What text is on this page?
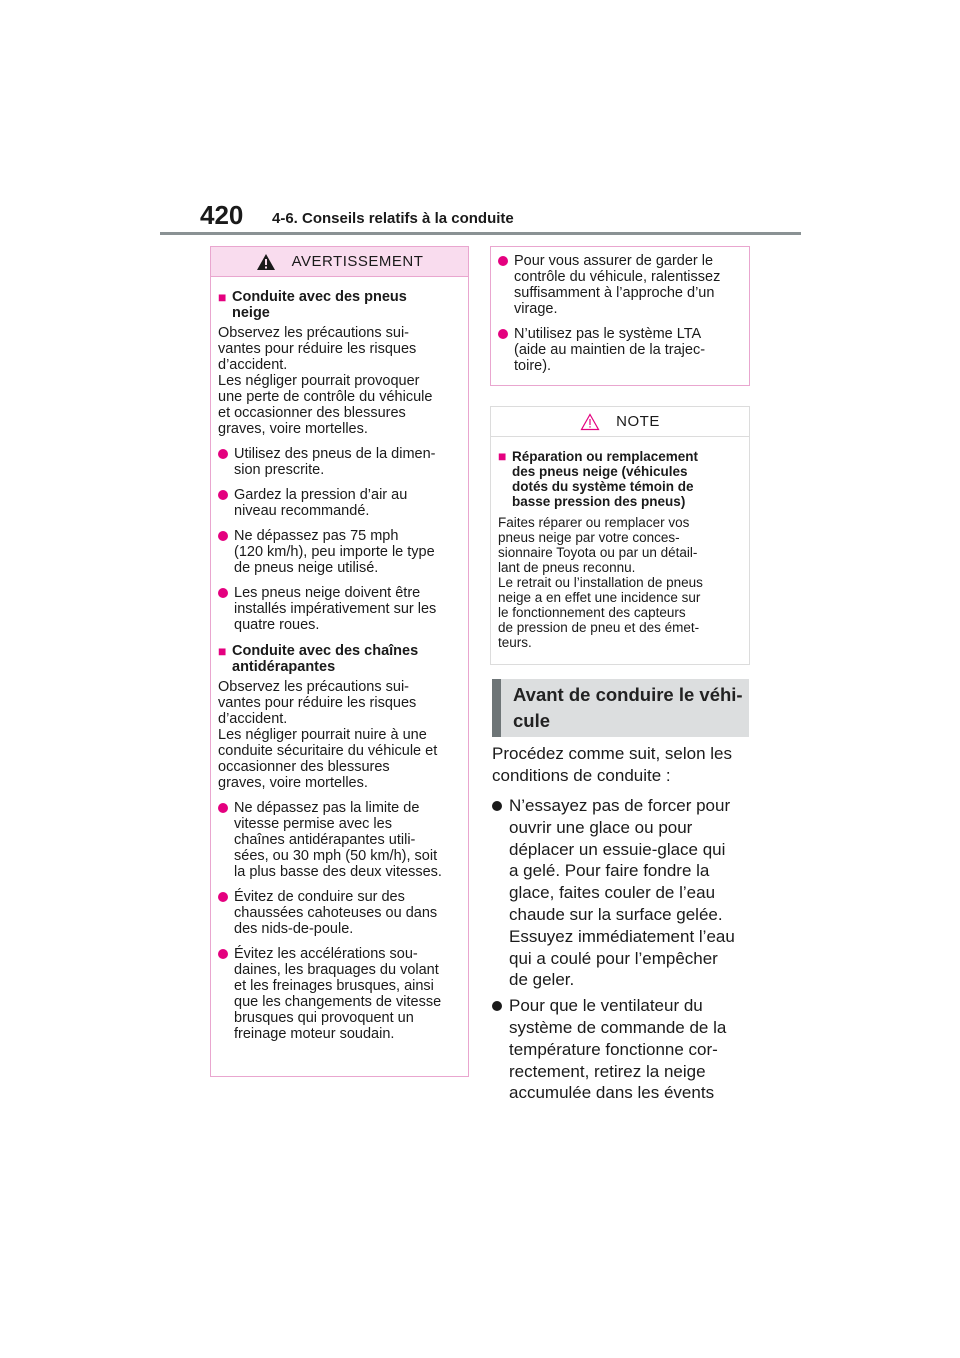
420 4-6. Conseils relatifs à la conduite
AVERTISSEMENT
■ Conduite avec des pneus
neige
Observez les précautions sui-
vantes pour réduire les risques
d’accident.
Les négliger pourrait provoquer
une perte de contrôle du véhicule
et occasionner des blessures
graves, voire mortelles.
Utilisez des pneus de la dimen-
sion prescrite.
Gardez la pression d’air au
niveau recommandé.
Ne dépassez pas 75 mph
(120 km/h), peu importe le type
de pneus neige utilisé.
Les pneus neige doivent être
installés impérativement sur les
quatre roues.
■ Conduite avec des chaînes
antidérapantes
Observez les précautions sui-
vantes pour réduire les risques
d’accident.
Les négliger pourrait nuire à une
conduite sécuritaire du véhicule et
occasionner des blessures
graves, voire mortelles.
Ne dépassez pas la limite de
vitesse permise avec les
chaînes antidérapantes utili-
sées, ou 30 mph (50 km/h), soit
la plus basse des deux vitesses.
Évitez de conduire sur des
chaussées cahoteuses ou dans
des nids-de-poule.
Évitez les accélérations sou-
daines, les braquages du volant
et les freinages brusques, ainsi
que les changements de vitesse
brusques qui provoquent un
freinage moteur soudain.
Pour vous assurer de garder le
contrôle du véhicule, ralentissez
suffisamment à l’approche d’un
virage.
N’utilisez pas le système LTA
(aide au maintien de la trajec-
toire).
NOTE
■ Réparation ou remplacement
des pneus neige (véhicules
dotés du système témoin de
basse pression des pneus)
Faites réparer ou remplacer vos
pneus neige par votre conces-
sionnaire Toyota ou par un détail-
lant de pneus reconnu.
Le retrait ou l’installation de pneus
neige a en effet une incidence sur
le fonctionnement des capteurs
de pression de pneu et des émet-
teurs.
Avant de conduire le véhi-
cule
Procédez comme suit, selon les
conditions de conduite :
N’essayez pas de forcer pour
ouvrir une glace ou pour
déplacer un essuie-glace qui
a gelé. Pour faire fondre la
glace, faites couler de l’eau
chaude sur la surface gelée.
Essuyez immédiatement l’eau
qui a coulé pour l’empêcher
de geler.
Pour que le ventilateur du
système de commande de la
température fonctionne cor-
rectement, retirez la neige
accumulée dans les évents
